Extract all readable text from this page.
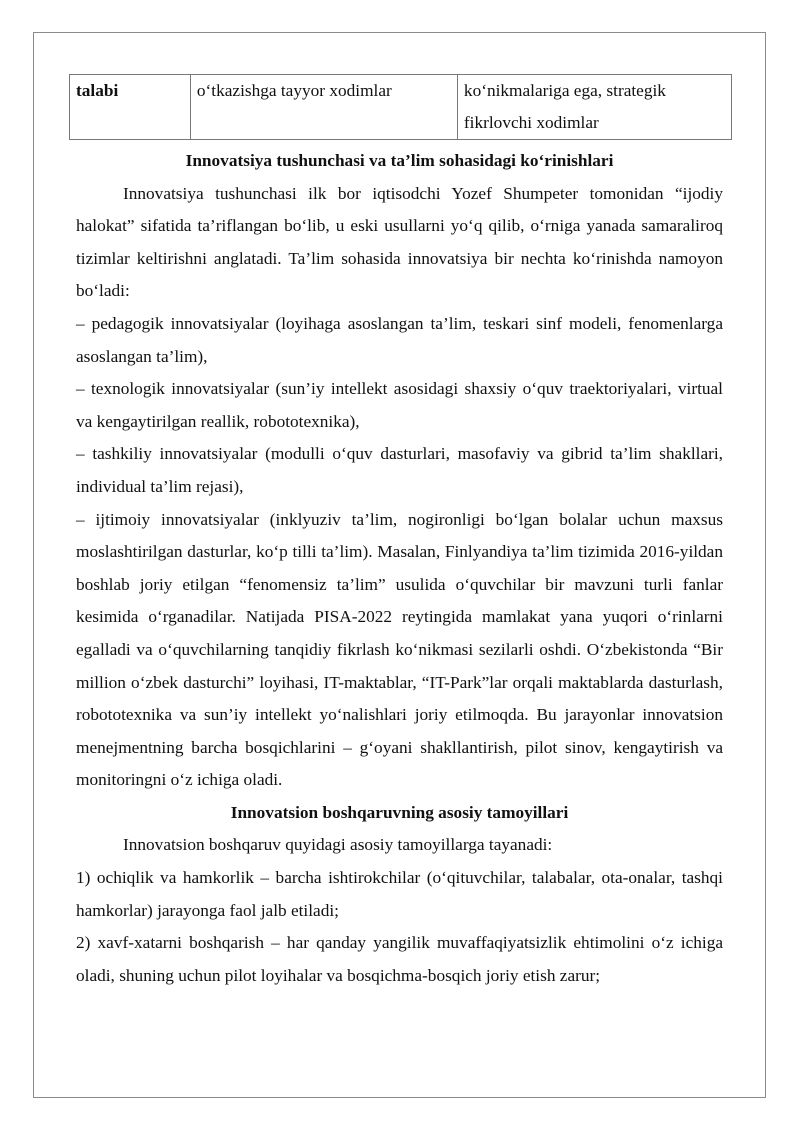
talabi	o‘tkazishga tayyor xodimlar	ko‘nikmalariga ega, strategik
fikrlovchi xodimlar
Innovatsiya tushunchasi va ta’lim sohasidagi ko‘rinishlari

Innovatsiya tushunchasi ilk bor iqtisodchi Yozef Shumpeter tomonidan “ijodiy halokat” sifatida ta’riflangan bo‘lib, u eski usullarni yo‘q qilib, o‘rniga yanada samaraliroq tizimlar keltirishni anglatadi. Ta’lim sohasida innovatsiya bir nechta ko‘rinishda namoyon bo‘ladi:

– pedagogik innovatsiyalar (loyihaga asoslangan ta’lim, teskari sinf modeli, fenomenlarga asoslangan ta’lim),

– texnologik innovatsiyalar (sun’iy intellekt asosidagi shaxsiy o‘quv traektoriyalari, virtual va kengaytirilgan reallik, robototexnika),

– tashkiliy innovatsiyalar (modulli o‘quv dasturlari, masofaviy va gibrid ta’lim shakllari, individual ta’lim rejasi),

– ijtimoiy innovatsiyalar (inklyuziv ta’lim, nogironligi bo‘lgan bolalar uchun maxsus moslashtirilgan dasturlar, ko‘p tilli ta’lim). Masalan, Finlyandiya ta’lim tizimida 2016-yildan boshlab joriy etilgan “fenomensiz ta’lim” usulida o‘quvchilar bir mavzuni turli fanlar kesimida o‘rganadilar. Natijada PISA-2022 reytingida mamlakat yana yuqori o‘rinlarni egalladi va o‘quvchilarning tanqidiy fikrlash ko‘nikmasi sezilarli oshdi. O‘zbekistonda “Bir million o‘zbek dasturchi” loyihasi, IT-maktablar, “IT-Park”lar orqali maktablarda dasturlash, robototexnika va sun’iy intellekt yo‘nalishlari joriy etilmoqda. Bu jarayonlar innovatsion menejmentning barcha bosqichlarini – g‘oyani shakllantirish, pilot sinov, kengaytirish va monitoringni o‘z ichiga oladi.

Innovatsion boshqaruvning asosiy tamoyillari

Innovatsion boshqaruv quyidagi asosiy tamoyillarga tayanadi:

1) ochiqlik va hamkorlik – barcha ishtirokchilar (o‘qituvchilar, talabalar, ota-onalar, tashqi hamkorlar) jarayonga faol jalb etiladi;

2) xavf-xatarni boshqarish – har qanday yangilik muvaffaqiyatsizlik ehtimolini o‘z ichiga oladi, shuning uchun pilot loyihalar va bosqichma-bosqich joriy etish zarur;
